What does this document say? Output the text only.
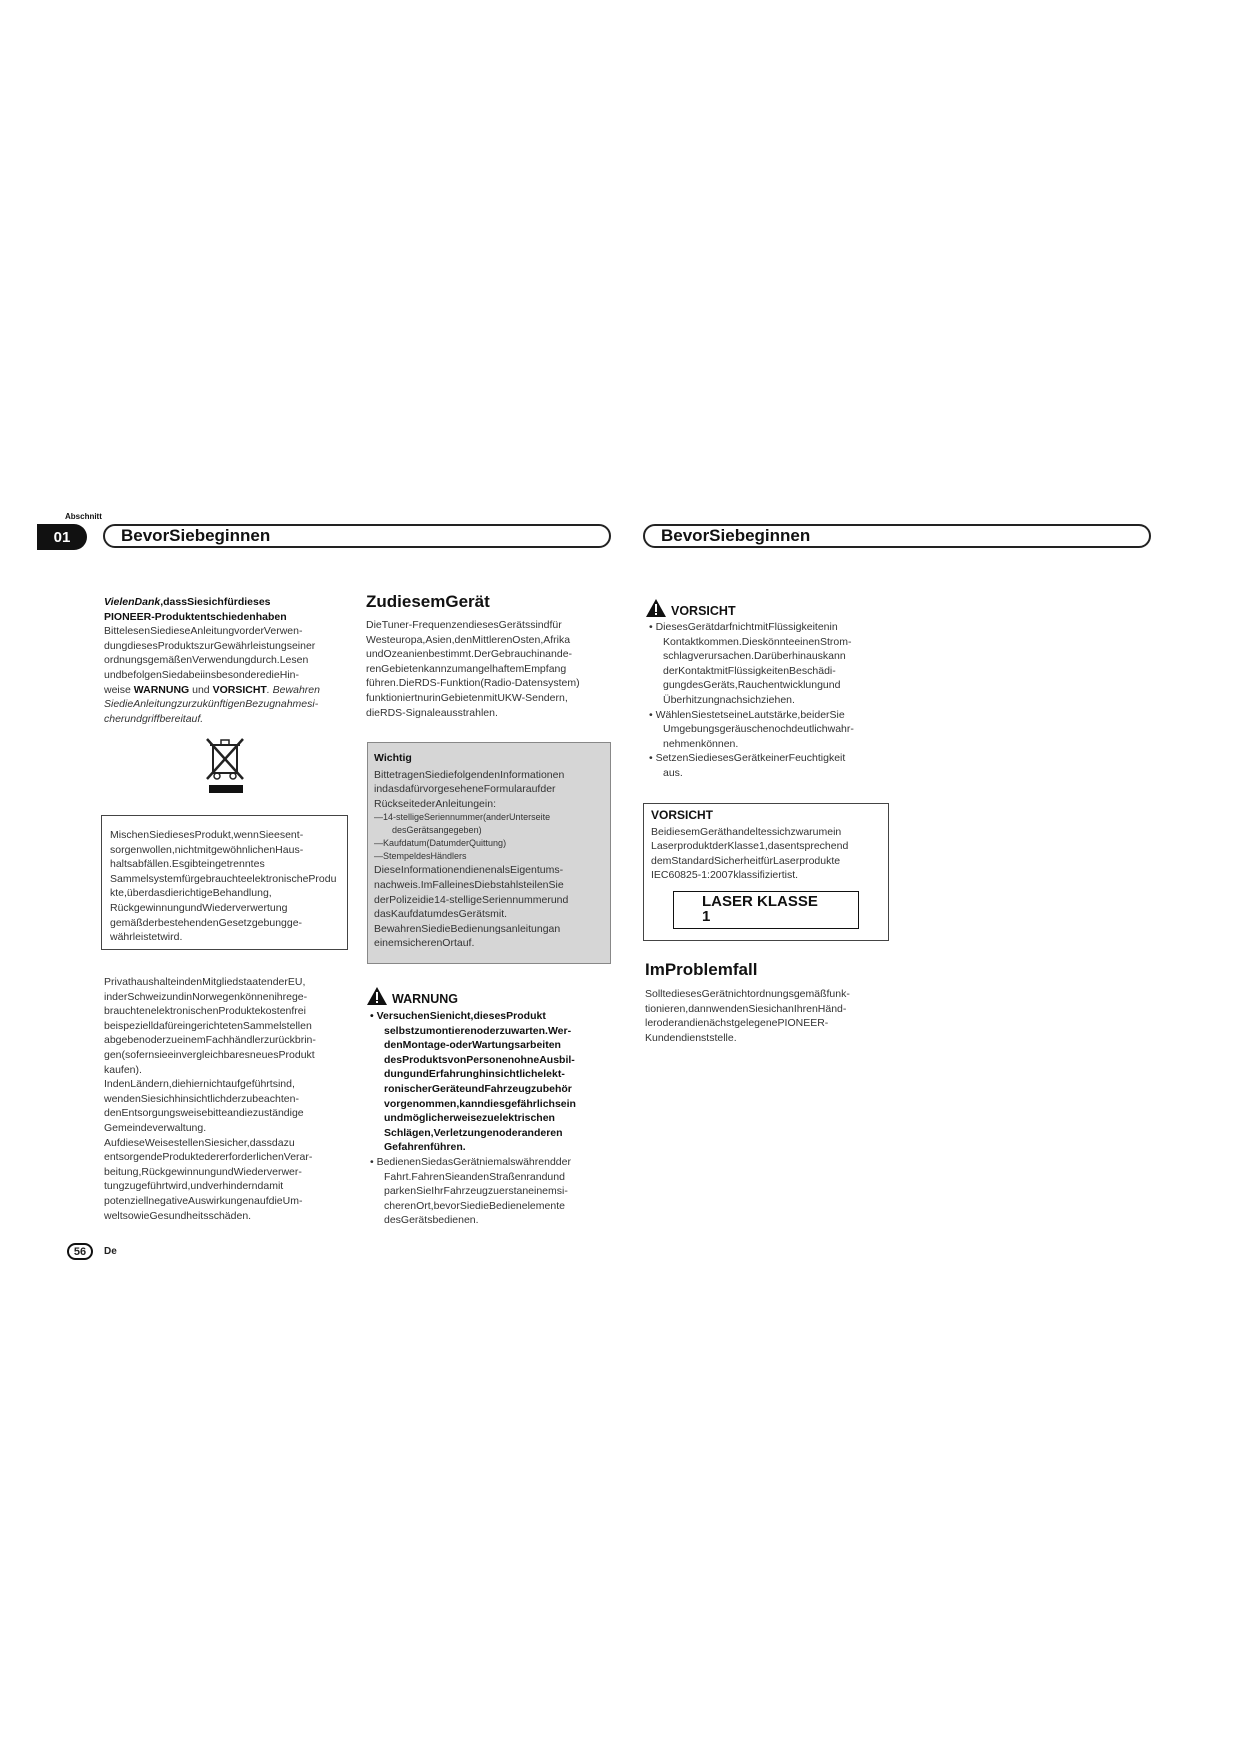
Abschnitt
01	BevorSiebeginnen	BevorSiebeginnen

VielenDank,dassSiesichfürdieses

PIONEER-Produktentschiedenhaben

BittelesenSiedieseAnleitungvorderVerwen-

dungdiesesProduktszurGewährleistungseiner

ordnungsgemäßenVerwendungdurch.Lesen

undbefolgenSiedabeiinsbesonderedieHin-

weise WARNUNG und VORSICHT. Bewahren

SiedieAnleitungzurzukünftigenBezugnahmesi-

cherundgriffbereitauf.

MischenSiediesesProdukt,wennSieesent-

sorgenwollen,nichtmitgewöhnlichenHaus-

haltsabfällen.Esgibteingetrenntes

SammelsystemfürgebrauchteelektronischeProdukte,überdasdierichtigeBehandlung,

RückgewinnungundWiederverwertung

gemäßderbestehendenGesetzgebungge-

währleistetwird.

PrivathaushalteindenMitgliedstaatenderEU,

inderSchweizundinNorwegenkönnenihrege-

brauchtenelektronischenProduktekostenfrei

beispezielldafüreingerichtetenSammelstellen

abgebenoderzueinemFachhändlerzurückbrin-

gen(sofernsieeinvergleichbaresneuesProdukt

kaufen).

IndenLändern,diehiernichtaufgeführtsind,

wendenSiesichhinsichtlichderzubeachten-

denEntsorgungsweisebitteandiezuständige

Gemeindeverwaltung.

AufdieseWeisestellenSiesicher,dassdazu

entsorgendeProduktedererforderlichenVerar-

beitung,RückgewinnungundWiederverwer-

tungzugeführtwird,undverhinderndamit

potenziellnegativeAuswirkungenaufdieUm-

weltsowieGesundheitsschäden.

ZudiesemGerät

DieTuner-FrequenzendiesesGerätssindfür

Westeuropa,Asien,denMittlerenOsten,Afrika

undOzeanienbestimmt.DerGebrauchinande-

renGebietenkannzumangelhaftemEmpfang

führen.DieRDS-Funktion(Radio-Datensystem)

funktioniertnurinGebietenmitUKW-Sendern,

dieRDS-Signaleausstrahlen.

Wichtig

BittetragenSiediefolgendenInformationen

indasdafürvorgeseheneFormularaufder

RückseitederAnleitungein:

—14-stelligeSeriennummer(anderUnterseite

desGerätsangegeben)

—Kaufdatum(DatumderQuittung)

—StempeldesHändlers

DieseInformationendienenalsEigentums-

nachweis.ImFalleinesDiebstahlsteilenSie

derPolizeidie14-stelligeSeriennummerund

dasKaufdatumdesGerätsmit.

BewahrenSiedieBedienungsanleitungan

einemsicherenOrtauf.

WARNUNG

• VersuchenSienicht,diesesProdukt

selbstzumontierenoderzuwarten.Wer-

denMontage-oderWartungsarbeiten

desProduktsvonPersonenohneAusbil-

dungundErfahrunghinsichtlichelekt-

ronischerGeräteundFahrzeugzubehör

vorgenommen,kanndiesgefährlichsein

undmöglicherweisezuelektrischen

Schlägen,Verletzungenoderanderen

Gefahrenführen.

• BedienenSiedasGerätniemalswährendder

Fahrt.FahrenSieandenStraßenrandund

parkenSieIhrFahrzeugzuerstaneinemsi-

cherenOrt,bevorSiedieBedienelemente

desGerätsbedienen.

VORSICHT

• DiesesGerätdarfnichtmitFlüssigkeitenin

Kontaktkommen.DieskönnteeinenStrom-

schlagverursachen.Darüberhinauskann

derKontaktmitFlüssigkeitenBeschädi-

gungdesGeräts,Rauchentwicklungund

Überhitzungnachsichziehen.

• WählenSiestetseineLautstärke,beiderSie

Umgebungsgeräuschenochdeutlichwahr-

nehmenkönnen.

• SetzenSiediesesGerätkeinerFeuchtigkeit

aus.

VORSICHT

BeidiesemGeräthandeltessichzwarumein

LaserproduktderKlasse1,dasentsprechend

demStandardSicherheitfürLaserprodukte

IEC60825-1:2007klassifiziertist.

LASER KLASSE 1
ImProblemfall

SolltediesesGerätnichtordnungsgemäßfunk-

tionieren,dannwendenSiesichanIhrenHänd-

leroderandienächstgelegenePIONEER-

Kundendienststelle.

56	De
